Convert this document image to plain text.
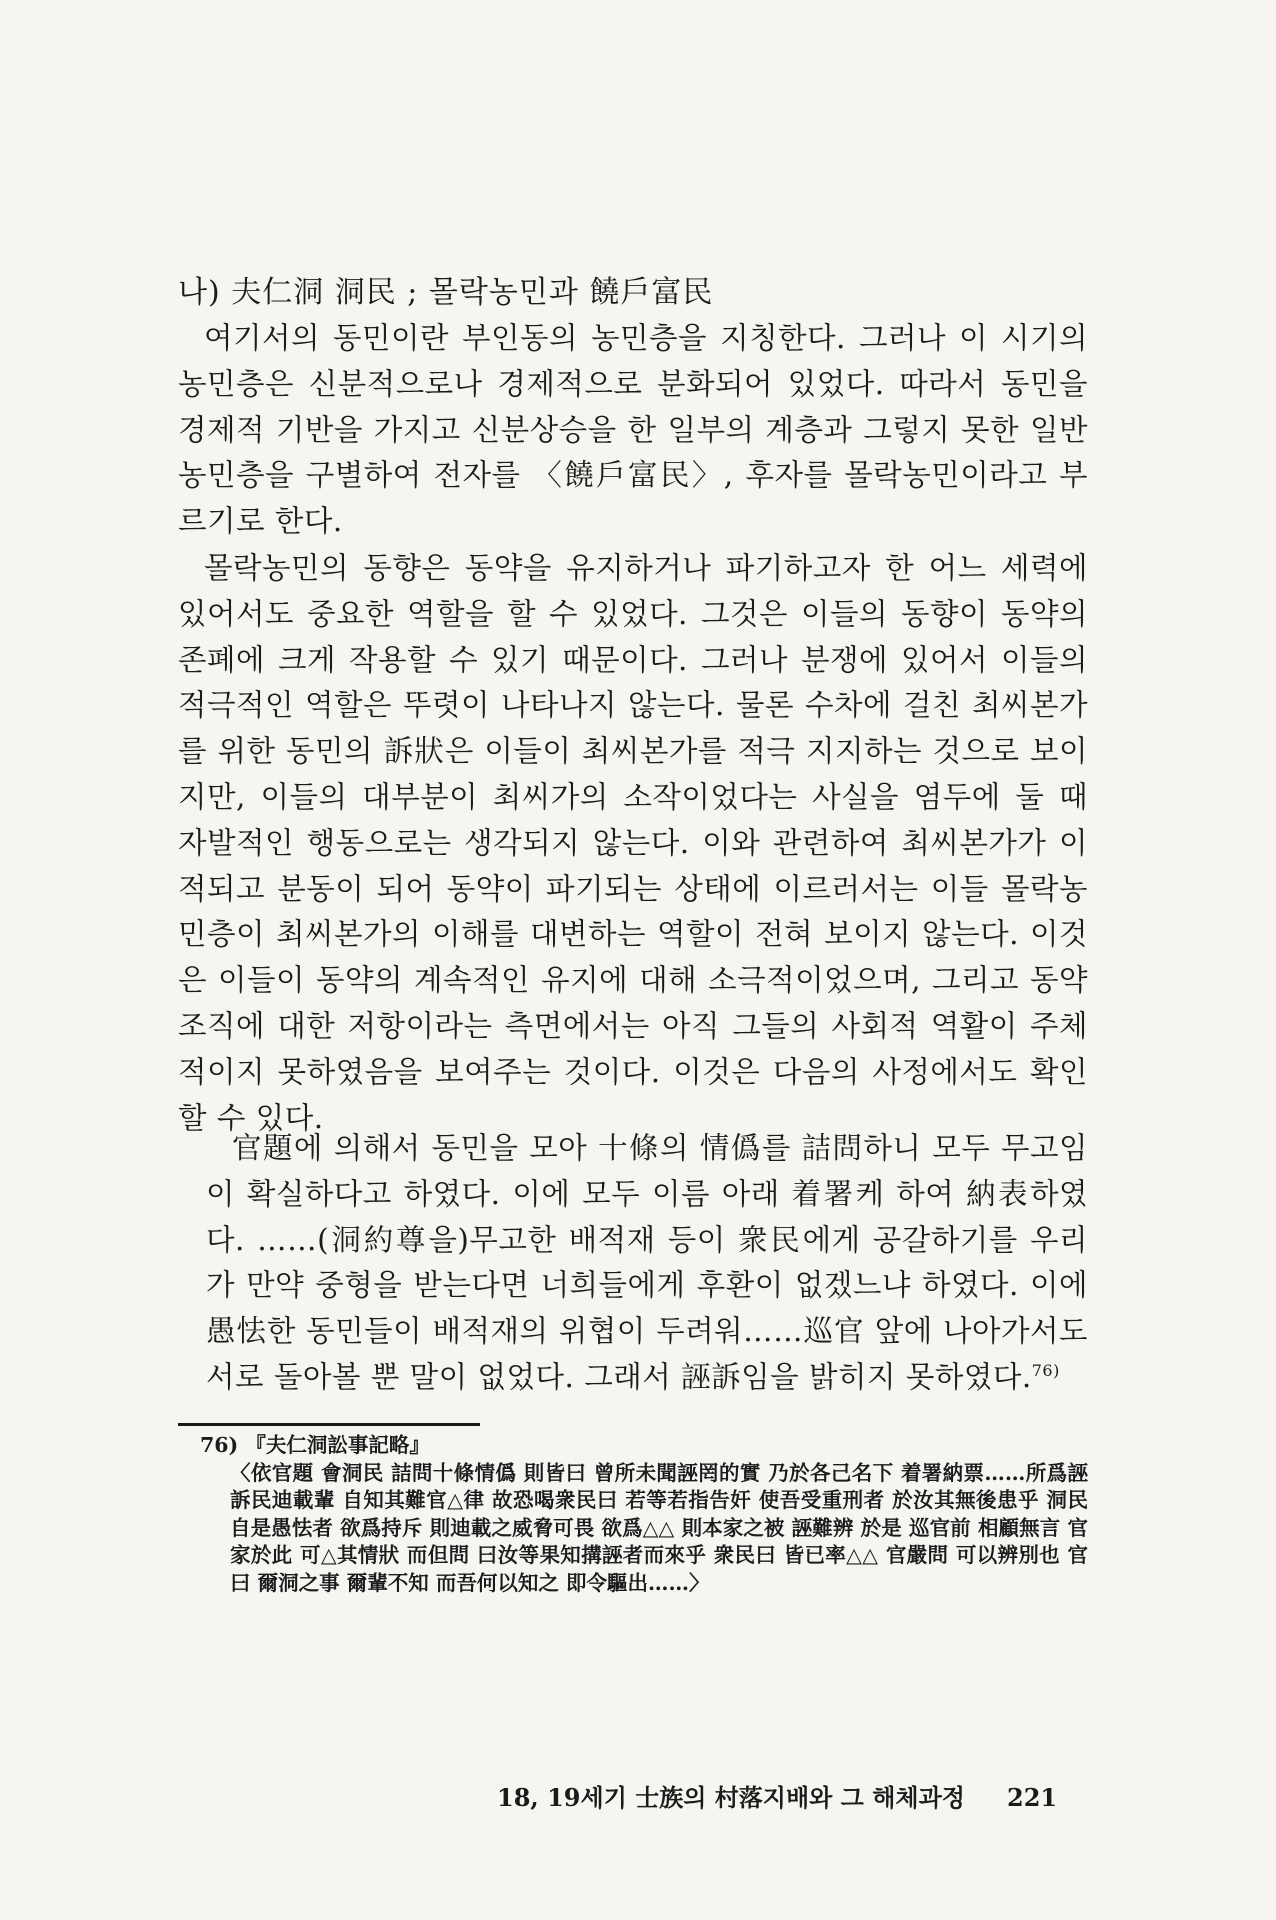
나) 夫仁洞 洞民 ; 몰락농민과 饒戶富民

여기서의 동민이란 부인동의 농민층을 지칭한다. 그러나 이 시기의 농민층은 신분적으로나 경제적으로 분화되어 있었다. 따라서 동민을 경제적 기반을 가지고 신분상승을 한 일부의 계층과 그렇지 못한 일반농민층을 구별하여 전자를 〈饒戶富民〉, 후자를 몰락농민이라고 부르기로 한다.

몰락농민의 동향은 동약을 유지하거나 파기하고자 한 어느 세력에 있어서도 중요한 역할을 할 수 있었다. 그것은 이들의 동향이 동약의 존폐에 크게 작용할 수 있기 때문이다. 그러나 분쟁에 있어서 이들의 적극적인 역할은 뚜렷이 나타나지 않는다. 물론 수차에 걸친 최씨본가를 위한 동민의 訴狀은 이들이 최씨본가를 적극 지지하는 것으로 보이지만, 이들의 대부분이 최씨가의 소작이었다는 사실을 염두에 둘 때 자발적인 행동으로는 생각되지 않는다. 이와 관련하여 최씨본가가 이적되고 분동이 되어 동약이 파기되는 상태에 이르러서는 이들 몰락농민층이 최씨본가의 이해를 대변하는 역할이 전혀 보이지 않는다. 이것은 이들이 동약의 계속적인 유지에 대해 소극적이었으며, 그리고 동약조직에 대한 저항이라는 측면에서는 아직 그들의 사회적 역활이 주체적이지 못하였음을 보여주는 것이다. 이것은 다음의 사정에서도 확인할 수 있다.

官題에 의해서 동민을 모아 十條의 情僞를 詰問하니 모두 무고임이 확실하다고 하였다. 이에 모두 이름 아래 着署케 하여 納表하였다. ……(洞約尊을)무고한 배적재 등이 衆民에게 공갈하기를 우리가 만약 중형을 받는다면 너희들에게 후환이 없겠느냐 하였다. 이에 愚怯한 동민들이 배적재의 위협이 두려워……巡官 앞에 나아가서도 서로 돌아볼 뿐 말이 없었다. 그래서 誣訴임을 밝히지 못하였다.$^{76)}$

76) 『夫仁洞訟事記略』

〈依官題 會洞民 詰問十條情僞 則皆曰 曾所未聞誣罔的實 乃於各己名下 着署納票……所爲誣訴民迪載輩 自知其難官△律 故恐喝衆民曰 若等若指告奸 使吾受重刑者 於汝其無後患乎 洞民自是愚怯者 欲爲持斥 則迪載之威脅可畏 欲爲△△ 則本家之被 誣難辨 於是 巡官前 相顧無言 官家於此 可△其情狀 而但問 曰汝等果知搆誣者而來乎 衆民曰 皆已率△△ 官嚴問 可以辨別也 官曰 爾洞之事 爾輩不知 而吾何以知之 即令驅出……〉

18, 19세기 士族의 村落지배와 그 해체과정 221
